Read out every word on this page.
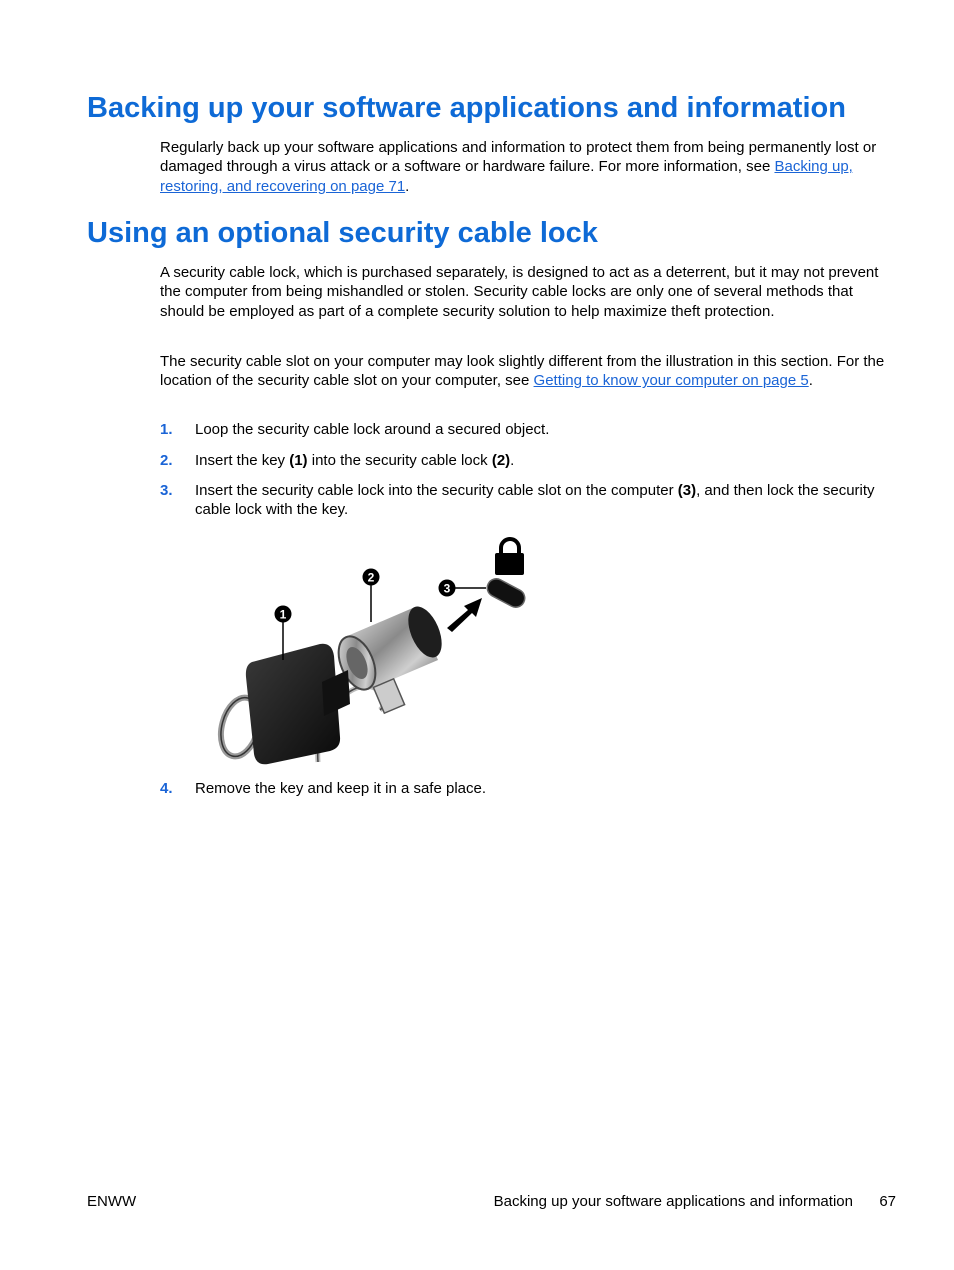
Backing up your software applications and information

Regularly back up your software applications and information to protect them from being permanently lost or damaged through a virus attack or a software or hardware failure. For more information, see Backing up, restoring, and recovering on page 71.

Using an optional security cable lock

A security cable lock, which is purchased separately, is designed to act as a deterrent, but it may not prevent the computer from being mishandled or stolen. Security cable locks are only one of several methods that should be employed as part of a complete security solution to help maximize theft protection.

The security cable slot on your computer may look slightly different from the illustration in this section. For the location of the security cable slot on your computer, see Getting to know your computer on page 5.

1. Loop the security cable lock around a secured object.
2. Insert the key (1) into the security cable lock (2).
3. Insert the security cable lock into the security cable slot on the computer (3), and then lock the security cable lock with the key.
1
2
3
4. Remove the key and keep it in a safe place.
ENWW	Backing up your software applications and information 67
